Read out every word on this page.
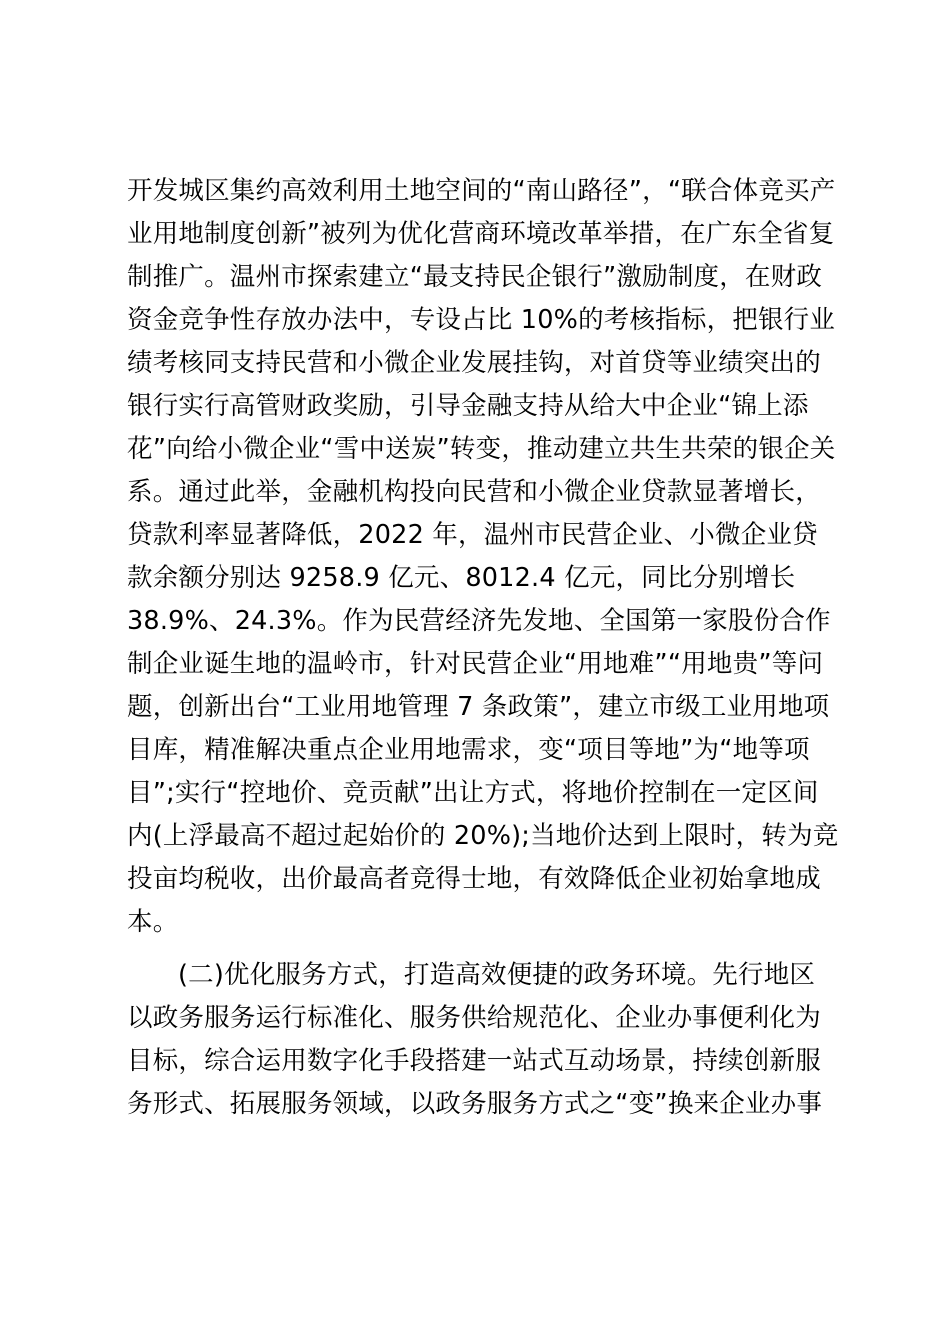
开发城区集约高效利用土地空间的“南山路径”，“联合体竞买产
业用地制度创新”被列为优化营商环境改革举措，在广东全省复
制推广。温州市探索建立“最支持民企银行”激励制度，在财政
资金竞争性存放办法中，专设占比 10%的考核指标，把银行业
绩考核同支持民营和小微企业发展挂钩，对首贷等业绩突出的
银行实行高管财政奖励，引导金融支持从给大中企业“锦上添
花”向给小微企业“雪中送炭”转变，推动建立共生共荣的银企关
系。通过此举，金融机构投向民营和小微企业贷款显著增长，
贷款利率显著降低，2022 年，温州市民营企业、小微企业贷
款余额分别达 9258.9 亿元、8012.4 亿元，同比分别增长
38.9%、24.3%。作为民营经济先发地、全国第一家股份合作
制企业诞生地的温岭市，针对民营企业“用地难”“用地贵”等问
题，创新出台“工业用地管理 7 条政策”，建立市级工业用地项
目库，精准解决重点企业用地需求，变“项目等地”为“地等项
目”;实行“控地价、竞贡献”出让方式，将地价控制在一定区间
内(上浮最高不超过起始价的 20%);当地价达到上限时，转为竞
投亩均税收，出价最高者竞得士地，有效降低企业初始拿地成
本。
(二)优化服务方式，打造高效便捷的政务环境。先行地区
以政务服务运行标准化、服务供给规范化、企业办事便利化为
目标，综合运用数字化手段搭建一站式互动场景，持续创新服
务形式、拓展服务领域，以政务服务方式之“变”换来企业办事
